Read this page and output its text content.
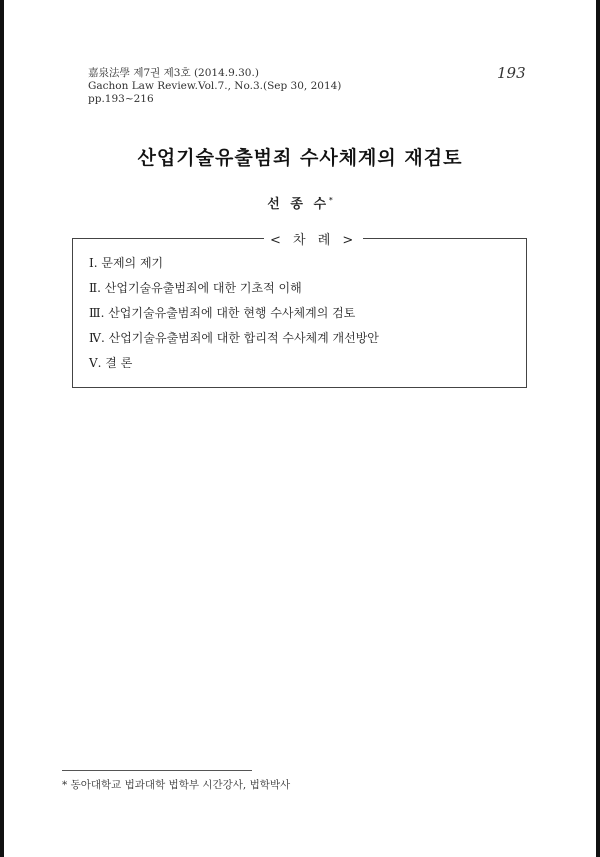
嘉泉法學 제7권 제3호 (2014.9.30.)
Gachon Law Review.Vol.7., No.3.(Sep 30, 2014)
pp.193~216
193
산업기술유출범죄 수사체계의 재검토
선 종 수*
< 차 례 >
Ⅰ. 문제의 제기
Ⅱ. 산업기술유출범죄에 대한 기초적 이해
Ⅲ. 산업기술유출범죄에 대한 현행 수사체계의 검토
Ⅳ. 산업기술유출범죄에 대한 합리적 수사체계 개선방안
Ⅴ. 결 론
* 동아대학교 법과대학 법학부 시간강사, 법학박사
